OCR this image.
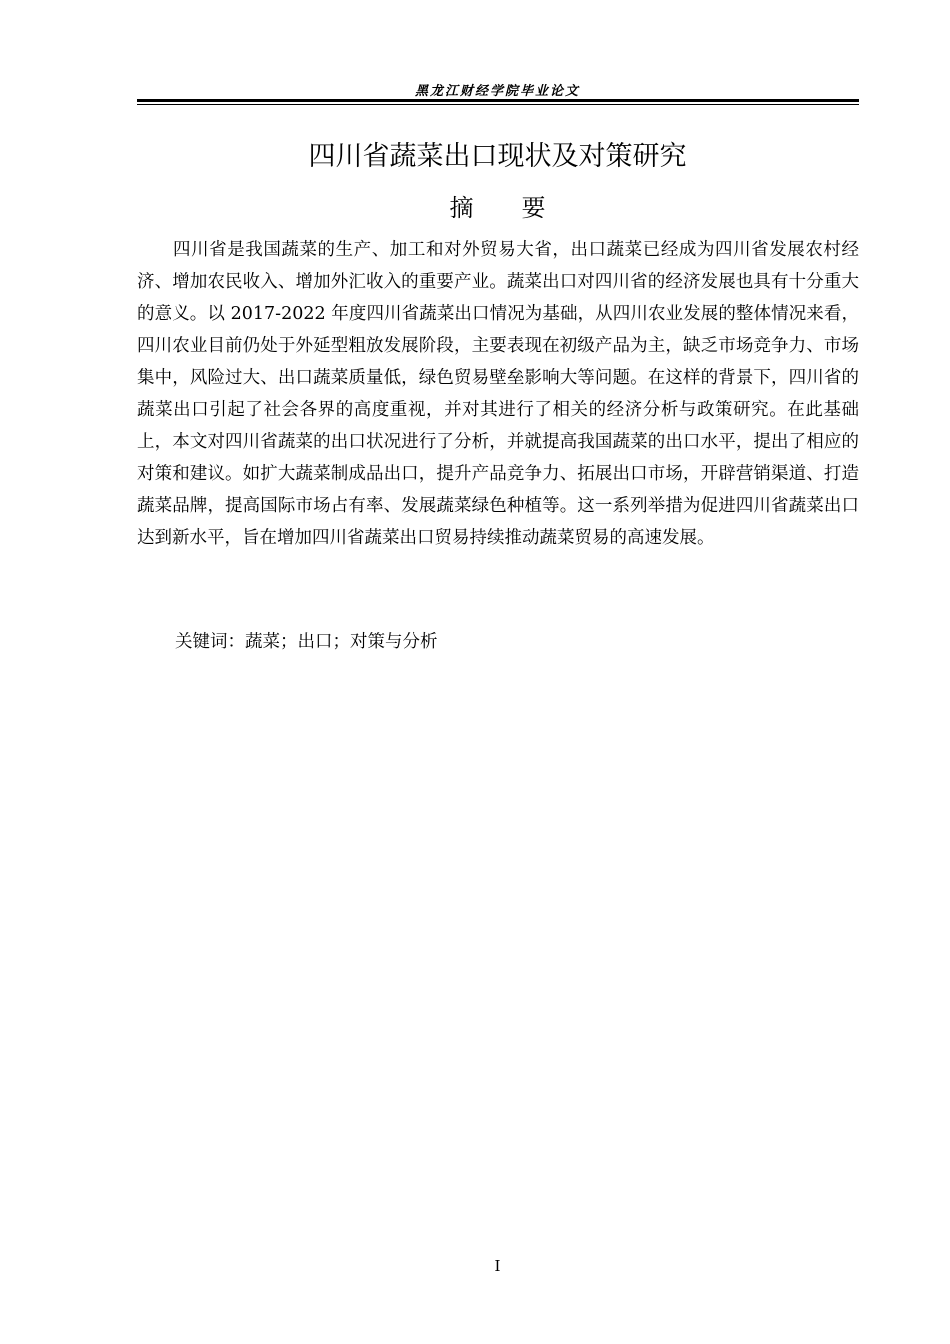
黑龙江财经学院毕业论文
四川省蔬菜出口现状及对策研究
摘要

四川省是我国蔬菜的生产、加工和对外贸易大省，出口蔬菜已经成为四川省发展农村经济、增加农民收入、增加外汇收入的重要产业。蔬菜出口对四川省的经济发展也具有十分重大的意义。以 2017-2022 年度四川省蔬菜出口情况为基础，从四川农业发展的整体情况来看，四川农业目前仍处于外延型粗放发展阶段，主要表现在初级产品为主，缺乏市场竞争力、市场集中，风险过大、出口蔬菜质量低，绿色贸易壁垒影响大等问题。在这样的背景下，四川省的蔬菜出口引起了社会各界的高度重视，并对其进行了相关的经济分析与政策研究。在此基础上，本文对四川省蔬菜的出口状况进行了分析，并就提高我国蔬菜的出口水平，提出了相应的对策和建议。如扩大蔬菜制成品出口，提升产品竞争力、拓展出口市场，开辟营销渠道、打造蔬菜品牌，提高国际市场占有率、发展蔬菜绿色种植等。这一系列举措为促进四川省蔬菜出口达到新水平，旨在增加四川省蔬菜出口贸易持续推动蔬菜贸易的高速发展。

关键词：蔬菜；出口；对策与分析
I
